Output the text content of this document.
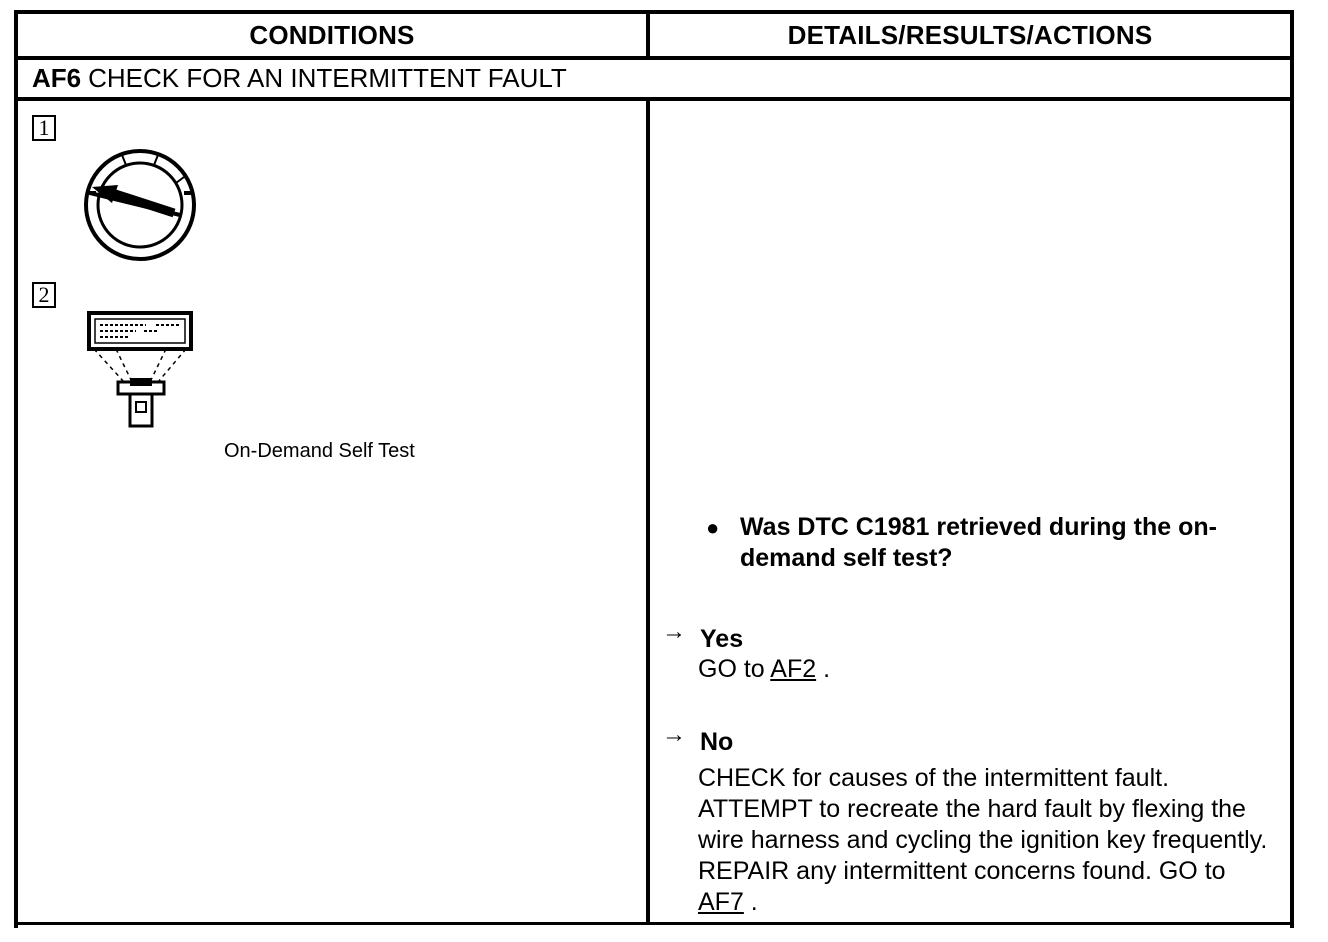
CONDITIONS	DETAILS/RESULTS/ACTIONS
AF6 CHECK FOR AN INTERMITTENT FAULT
1
2
On-Demand Self Test
● Was DTC C1981 retrieved during the on-demand self test?
→ Yes
GO to AF2 .
→ No
CHECK for causes of the intermittent fault. ATTEMPT to recreate the hard fault by flexing the wire harness and cycling the ignition key frequently. REPAIR any intermittent concerns found. GO to AF7 .
